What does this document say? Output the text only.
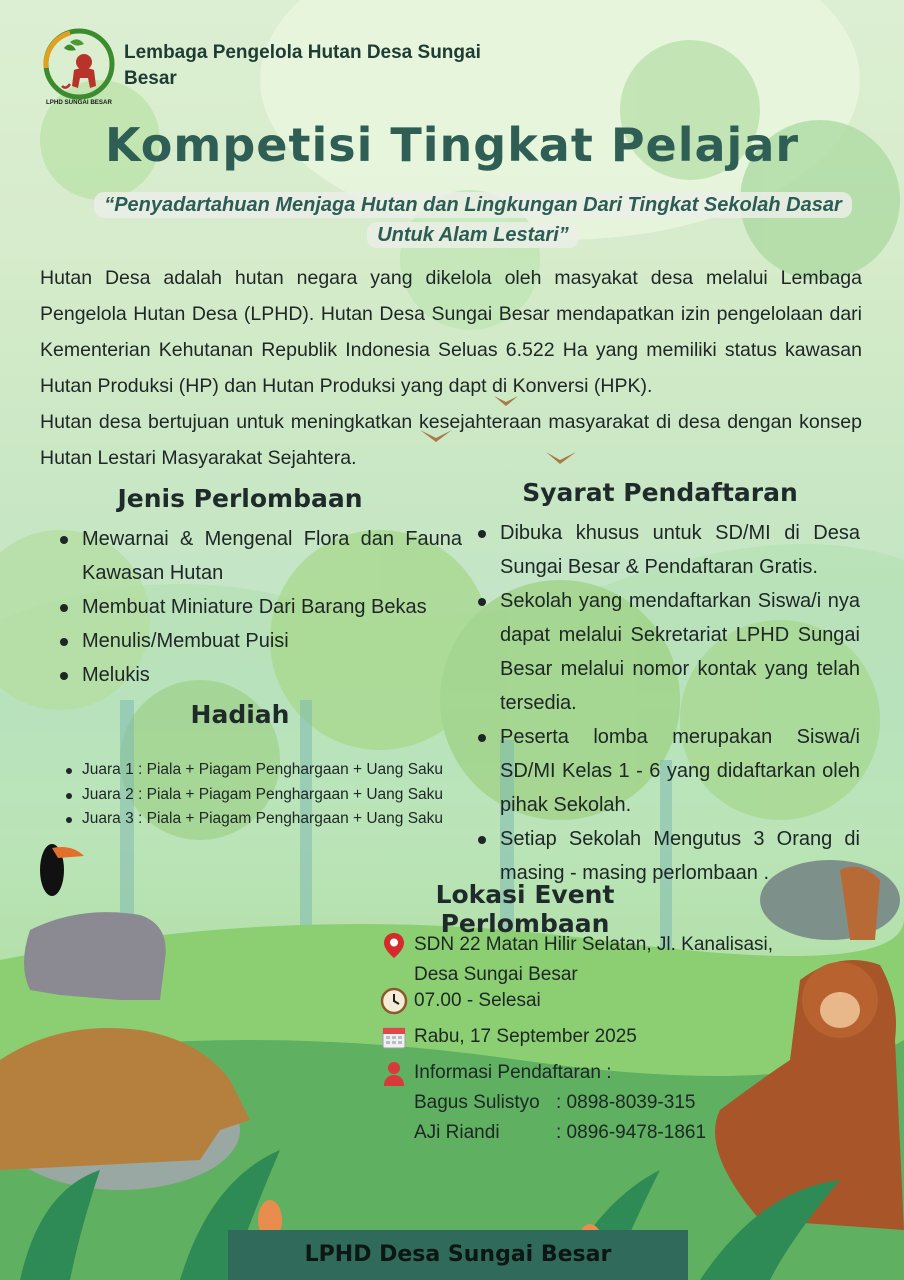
LPHD SUNGAI BESAR
Lembaga Pengelola Hutan Desa Sungai Besar
Kompetisi Tingkat Pelajar
“Penyadartahuan Menjaga Hutan dan Lingkungan Dari Tingkat Sekolah Dasar Untuk Alam Lestari”

Hutan Desa adalah hutan negara yang dikelola oleh masyakat desa melalui Lembaga Pengelola Hutan Desa (LPHD). Hutan Desa Sungai Besar mendapatkan izin pengelolaan dari Kementerian Kehutanan Republik Indonesia Seluas 6.522 Ha yang memiliki status kawasan Hutan Produksi (HP) dan Hutan Produksi yang dapt di Konversi (HPK).

Hutan desa bertujuan untuk meningkatkan kesejahteraan masyarakat di desa dengan konsep Hutan Lestari Masyarakat Sejahtera.

Jenis Perlombaan
Mewarnai & Mengenal Flora dan Fauna Kawasan Hutan
Membuat Miniature Dari Barang Bekas
Menulis/Membuat Puisi
Melukis
Hadiah
Juara 1 : Piala + Piagam Penghargaan + Uang Saku
Juara 2 : Piala + Piagam Penghargaan + Uang Saku
Juara 3 : Piala + Piagam Penghargaan + Uang Saku
Syarat Pendaftaran
Dibuka khusus untuk SD/MI di Desa Sungai Besar & Pendaftaran Gratis.
Sekolah yang mendaftarkan Siswa/i nya dapat melalui Sekretariat LPHD Sungai Besar melalui nomor kontak yang telah tersedia.
Peserta lomba merupakan Siswa/i SD/MI Kelas 1 - 6 yang didaftarkan oleh pihak Sekolah.
Setiap Sekolah Mengutus 3 Orang di masing - masing perlombaan .
Lokasi Event Perlombaan
SDN 22 Matan Hilir Selatan, Jl. Kanalisasi, Desa Sungai Besar
07.00 - Selesai
Rabu, 17 September 2025
Informasi Pendaftaran :
Bagus Sulistyo : 0898-8039-315
AJi Riandi	: 0896-9478-1861
LPHD Desa Sungai Besar
